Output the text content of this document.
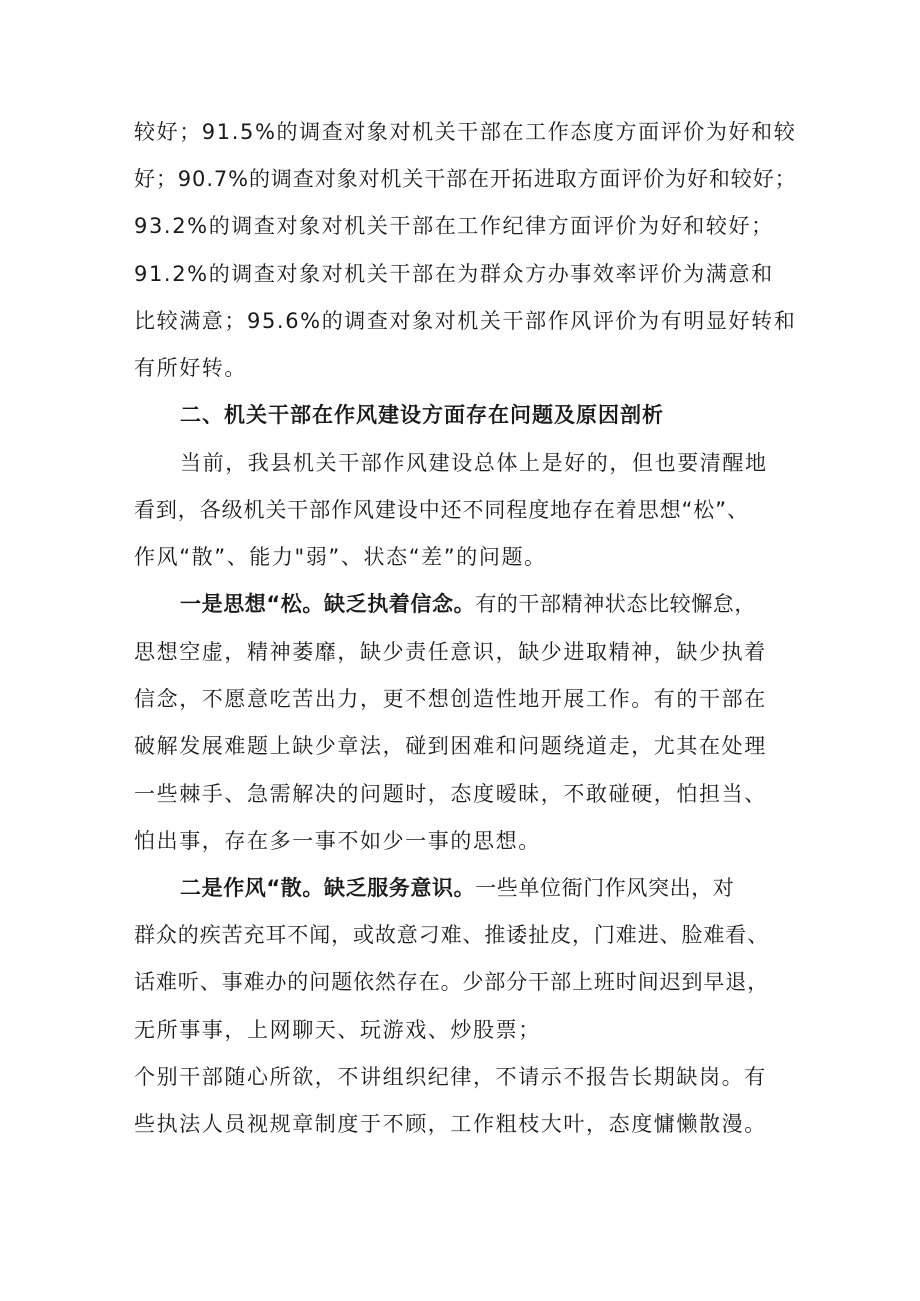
较好；91.5%的调查对象对机关干部在工作态度方面评价为好和较
好；90.7%的调查对象对机关干部在开拓进取方面评价为好和较好；
93.2%的调查对象对机关干部在工作纪律方面评价为好和较好；
91.2%的调查对象对机关干部在为群众方办事效率评价为满意和
比较满意；95.6%的调查对象对机关干部作风评价为有明显好转和
有所好转。
二、机关干部在作风建设方面存在问题及原因剖析
当前，我县机关干部作风建设总体上是好的，但也要清醒地
看到，各级机关干部作风建设中还不同程度地存在着思想“松”、
作风“散”、能力"弱”、状态“差”的问题。
一是思想“松。缺乏执着信念。有的干部精神状态比较懈怠，
思想空虚，精神萎靡，缺少责任意识，缺少进取精神，缺少执着
信念，不愿意吃苦出力，更不想创造性地开展工作。有的干部在
破解发展难题上缺少章法，碰到困难和问题绕道走，尤其在处理
一些棘手、急需解决的问题时，态度暧昧，不敢碰硬，怕担当、
怕出事，存在多一事不如少一事的思想。
二是作风“散。缺乏服务意识。一些单位衙门作风突出，对
群众的疾苦充耳不闻，或故意刁难、推诿扯皮，门难进、脸难看、
话难听、事难办的问题依然存在。少部分干部上班时间迟到早退，
无所事事，上网聊天、玩游戏、炒股票；
个别干部随心所欲，不讲组织纪律，不请示不报告长期缺岗。有
些执法人员视规章制度于不顾，工作粗枝大叶，态度慵懒散漫。
